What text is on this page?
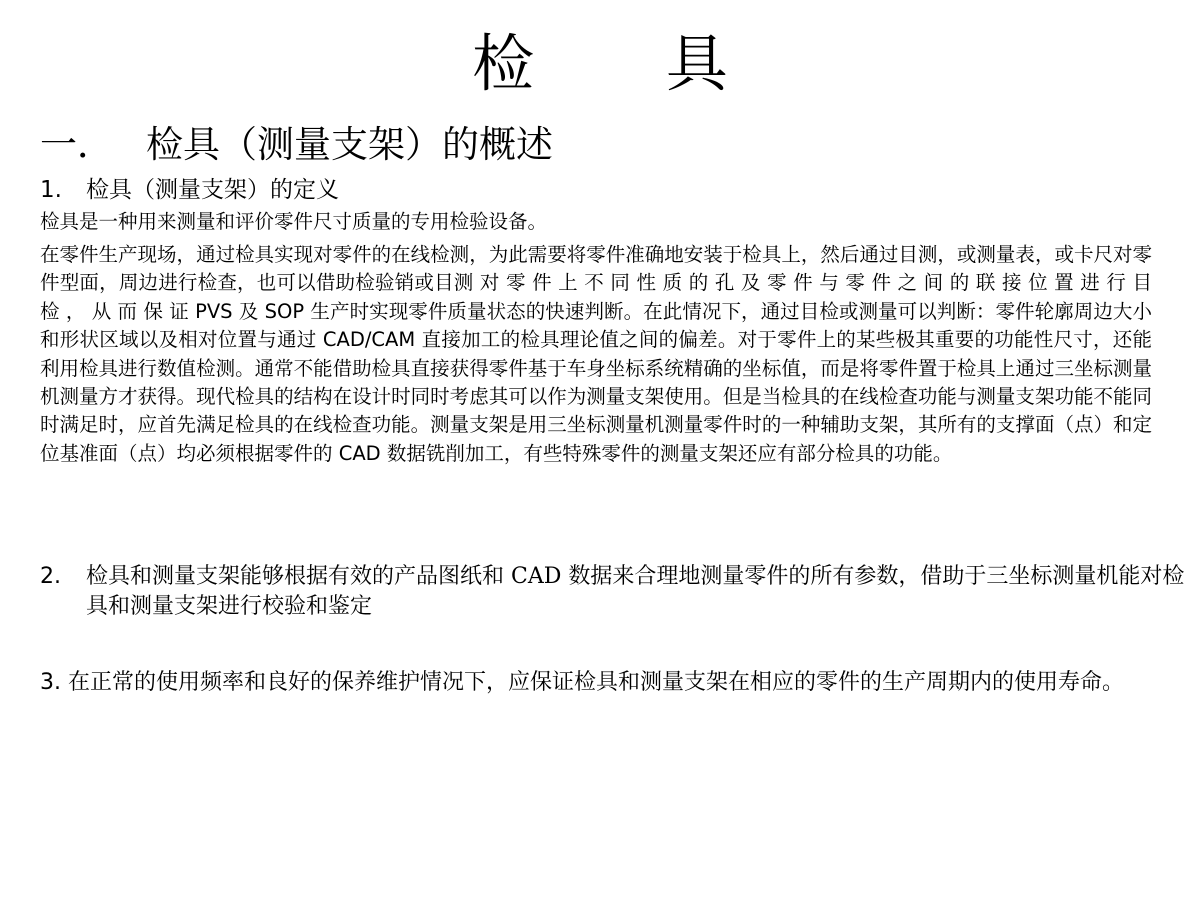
检 具
一． 检具（测量支架）的概述
1. 检具（测量支架）的定义
检具是一种用来测量和评价零件尺寸质量的专用检验设备。
在零件生产现场，通过检具实现对零件的在线检测，为此需要将零件准确地安装于检具上，然后通过目测，或测量表，或卡尺对零件型面，周边进行检查，也可以借助检验销或目测 对 零 件 上 不 同 性 质 的 孔 及 零 件 与 零 件 之 间 的 联 接 位 置 进 行 目 检 ， 从 而 保 证 PVS 及 SOP 生产时实现零件质量状态的快速判断。在此情况下，通过目检或测量可以判断：零件轮廓周边大小和形状区域以及相对位置与通过 CAD/CAM 直接加工的检具理论值之间的偏差。对于零件上的某些极其重要的功能性尺寸，还能利用检具进行数值检测。通常不能借助检具直接获得零件基于车身坐标系统精确的坐标值，而是将零件置于检具上通过三坐标测量机测量方才获得。现代检具的结构在设计时同时考虑其可以作为测量支架使用。但是当检具的在线检查功能与测量支架功能不能同时满足时，应首先满足检具的在线检查功能。测量支架是用三坐标测量机测量零件时的一种辅助支架，其所有的支撑面（点）和定位基准面（点）均必须根据零件的 CAD 数据铣削加工，有些特殊零件的测量支架还应有部分检具的功能。
2. 检具和测量支架能够根据有效的产品图纸和 CAD 数据来合理地测量零件的所有参数，借助于三坐标测量机能对检具和测量支架进行校验和鉴定
3. 在正常的使用频率和良好的保养维护情况下，应保证检具和测量支架在相应的零件的生产周期内的使用寿命。
